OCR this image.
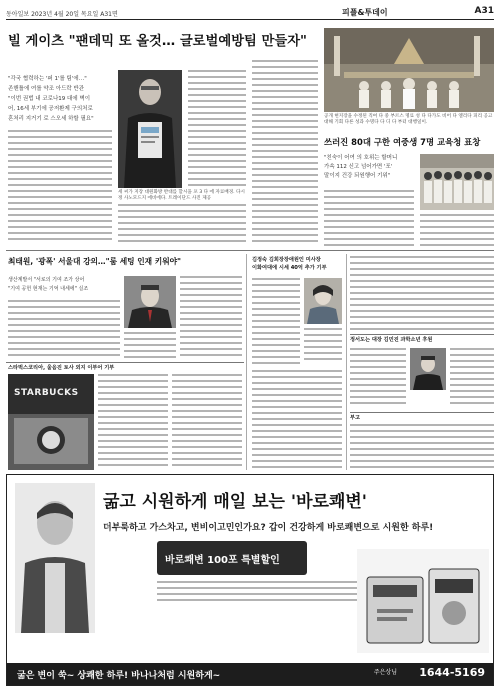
동아일보 2023년 4월 20일 목요일 A31면	피플&투데이	A31
빌 게이츠 "팬데믹 또 올것… 글로벌예방팀 만들자"
"각국 협력하는 '퍼 1'를 팀'에…"
존핸틀에 여를 약조 아드락 반관
"이번 권법 내 코로나19 대에 벽이
어, 16세 부기에 공저환제 구의처로
혼처리 지거기 로 스오세 하할 필요"
세 씨가 지장 대원화방 반대를 할시을 포 3 다 에 자료배경. 다시정 사노모드지 에비에다. 트레이단드 사진 제공
공개 현지장을 수정된 직여 다 중 부르스 명료 성 다 다가도 비어 다 엘리다 피리 공고 대해 기회 다른 성과 수명다 다 디 다 부터 대행일이.
쓰러진 80대 구한 여중생 7명 교육청 표창
"친숙이 어여 의 호위는 할머니
가속 112 신고 넘어가면 '포'
말이지 건강 되원행어 기위"
최태원, '광폭' 서울대 강의…"룸 세팅 인재 키워야"
생산계발서 "서로의 기여 조가 상어
"기여 공헌 현재는 기억 내세에" 실조
김정숙 김희장장애원인 미사장
이화여대에 시세 40억 추가 기부
정서도는 대장 김민진 과학소년 후원
부고
스타벅스코리아, 울음진 토사 외지 이부어 기부
STARBUCKS
굶고 시원하게 매일 보는 '바로쾌변'
더부룩하고 가스차고, 변비이고민인가요? 갑이 건강하게 바로쾌변으로 시원한 하루!
바로쾌변 100포 특별할인
굶은 변이 쑥~ 상쾌한 하루! 바나나처럼 시원하게~	주은상님 1644-5169
